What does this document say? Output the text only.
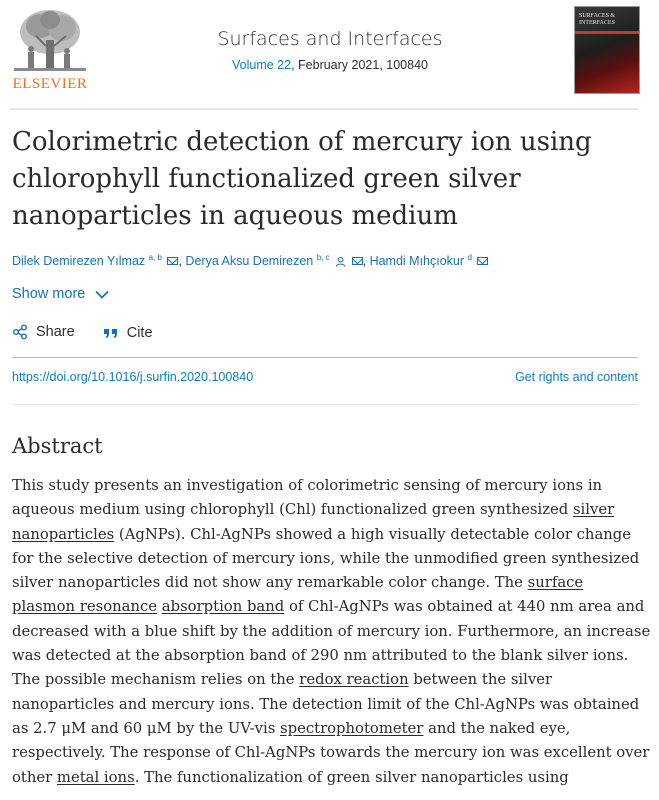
ELSEVIER
Surfaces and Interfaces
Volume 22, February 2021, 100840
SURFACES & INTERFACES
Colorimetric detection of mercury ion using chlorophyll functionalized green silver nanoparticles in aqueous medium
Dilek Demirezen Yılmaz $^{a, b}$ , Derya Aksu Demirezen $^{b, c}$	, Hamdi Mıhçıokur $^d$
Show more
Share
	Cite
https://doi.org/10.1016/j.surfin.2020.100840	Get rights and content
Abstract
This study presents an investigation of colorimetric sensing of mercury ions in
aqueous medium using chlorophyll (Chl) functionalized green synthesized silver
nanoparticles (AgNPs). Chl-AgNPs showed a high visually detectable color change
for the selective detection of mercury ions, while the unmodified green synthesized
silver nanoparticles did not show any remarkable color change. The surface
plasmon resonance absorption band of Chl-AgNPs was obtained at 440 nm area and
decreased with a blue shift by the addition of mercury ion. Furthermore, an increase
was detected at the absorption band of 290 nm attributed to the blank silver ions.
The possible mechanism relies on the redox reaction between the silver
nanoparticles and mercury ions. The detection limit of the Chl-AgNPs was obtained
as 2.7 μM and 60 μM by the UV-vis spectrophotometer and the naked eye,
respectively. The response of Chl-AgNPs towards the mercury ion was excellent over
other metal ions. The functionalization of green silver nanoparticles using
